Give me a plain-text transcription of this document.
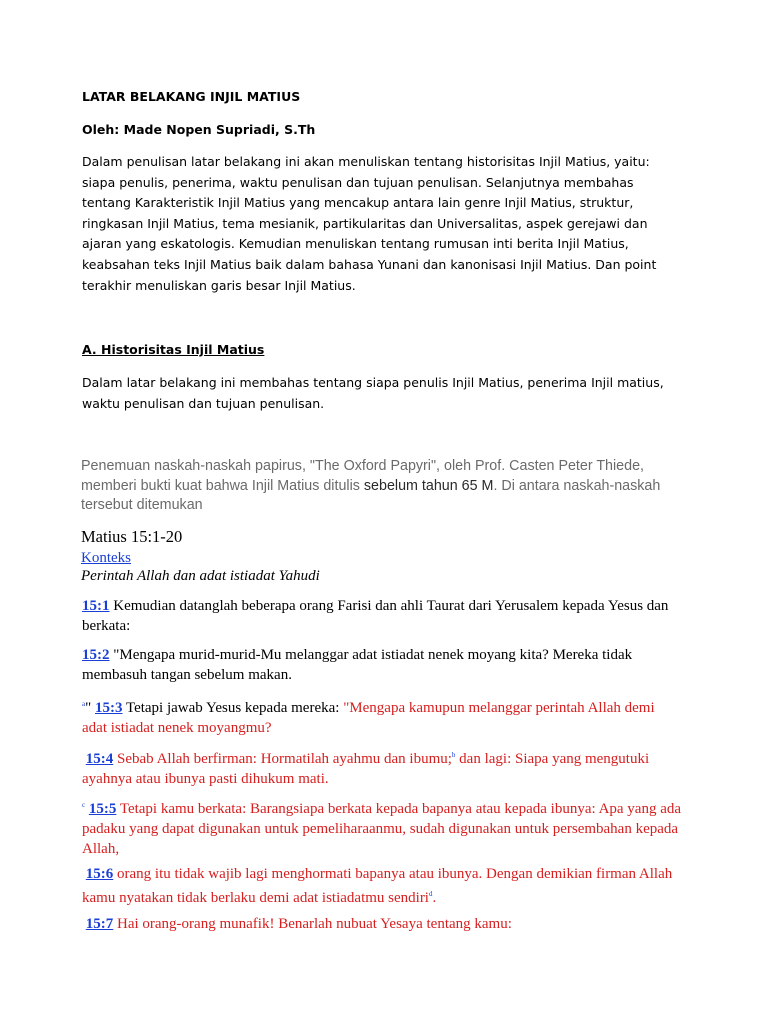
LATAR BELAKANG INJIL MATIUS
Oleh: Made Nopen Supriadi, S.Th
Dalam penulisan latar belakang ini akan menuliskan tentang historisitas Injil Matius, yaitu: siapa penulis, penerima, waktu penulisan dan tujuan penulisan. Selanjutnya membahas tentang Karakteristik Injil Matius yang mencakup antara lain genre Injil Matius, struktur, ringkasan Injil Matius, tema mesianik, partikularitas dan Universalitas, aspek gerejawi dan ajaran yang eskatologis. Kemudian menuliskan tentang rumusan inti berita Injil Matius, keabsahan teks Injil Matius baik dalam bahasa Yunani dan kanonisasi Injil Matius. Dan point terakhir menuliskan garis besar Injil Matius.
A. Historisitas Injil Matius
Dalam latar belakang ini membahas tentang siapa penulis Injil Matius, penerima Injil matius, waktu penulisan dan tujuan penulisan.
Penemuan naskah-naskah papirus, "The Oxford Papyri", oleh Prof. Casten Peter Thiede, memberi bukti kuat bahwa Injil Matius ditulis sebelum tahun 65 M. Di antara naskah-naskah tersebut ditemukan
Matius 15:1-20
Konteks
Perintah Allah dan adat istiadat Yahudi
15:1 Kemudian datanglah beberapa orang Farisi dan ahli Taurat dari Yerusalem kepada Yesus dan berkata:
15:2 "Mengapa murid-murid-Mu melanggar adat istiadat nenek moyang kita? Mereka tidak membasuh tangan sebelum makan.
$^a$" 15:3 Tetapi jawab Yesus kepada mereka: "Mengapa kamupun melanggar perintah Allah demi adat istiadat nenek moyangmu?
15:4 Sebab Allah berfirman: Hormatilah ayahmu dan ibumu;$^b$ dan lagi: Siapa yang mengutuki ayahnya atau ibunya pasti dihukum mati.
$^c$ 15:5 Tetapi kamu berkata: Barangsiapa berkata kepada bapanya atau kepada ibunya: Apa yang ada padaku yang dapat digunakan untuk pemeliharaanmu, sudah digunakan untuk persembahan kepada Allah,
15:6 orang itu tidak wajib lagi menghormati bapanya atau ibunya. Dengan demikian firman Allah kamu nyatakan tidak berlaku demi adat istiadatmu sendiri$^d$.
15:7 Hai orang-orang munafik! Benarlah nubuat Yesaya tentang kamu:
